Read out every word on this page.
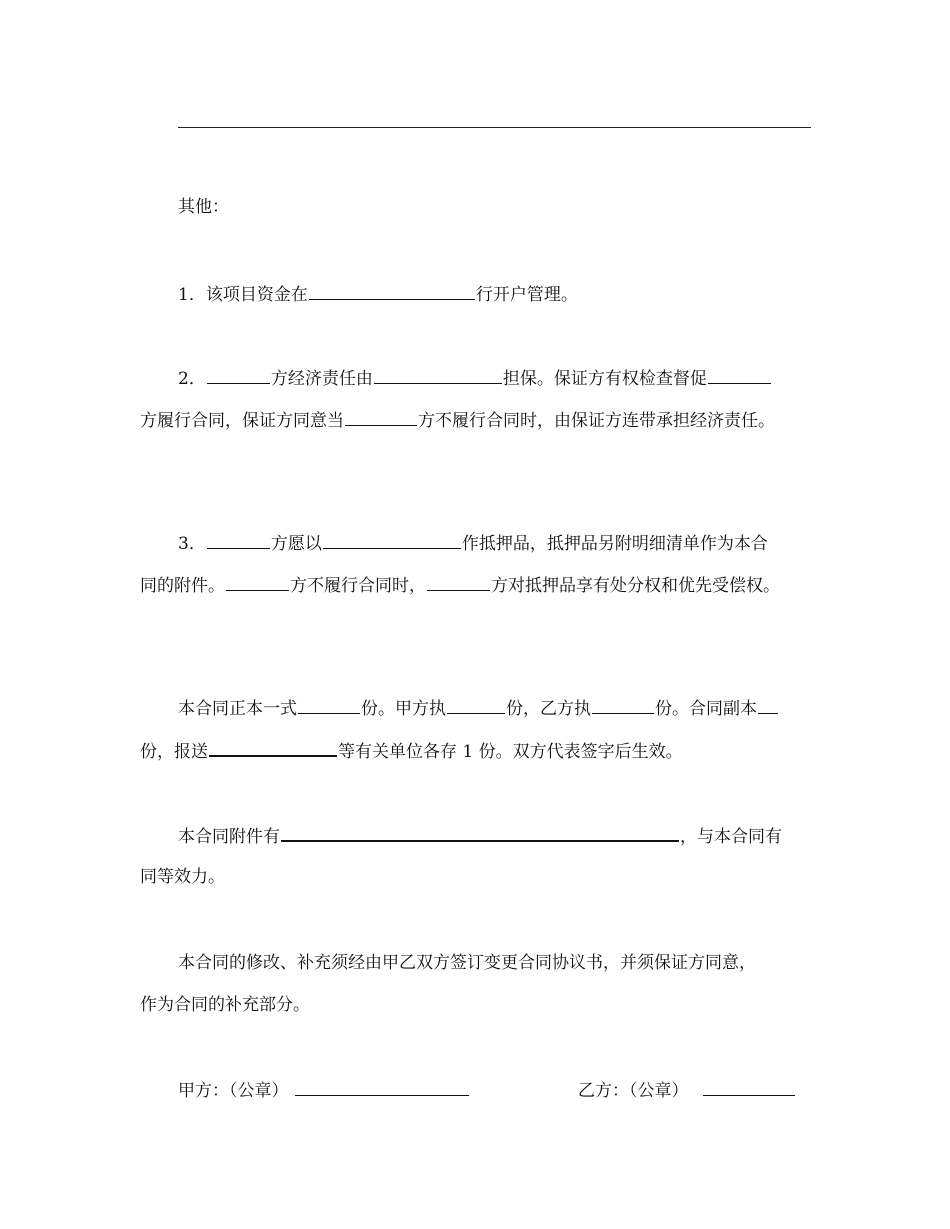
其他：
1．该项目资金在	行开户管理。
2．	方经济责任由	担保。保证方有权检查督促
方履行合同，保证方同意当	方不履行合同时，由保证方连带承担经济责任。
3．	方愿以	作抵押品，抵押品另附明细清单作为本合
同的附件。	方不履行合同时，	方对抵押品享有处分权和优先受偿权。
本合同正本一式	份。甲方执	份，乙方执	份。合同副本
份，报送	等有关单位各存 1 份。双方代表签字后生效。
本合同附件有	，与本合同有
同等效力。
本合同的修改、补充须经由甲乙双方签订变更合同协议书，并须保证方同意，
作为合同的补充部分。
甲方：（公章）	乙方：（公章）
